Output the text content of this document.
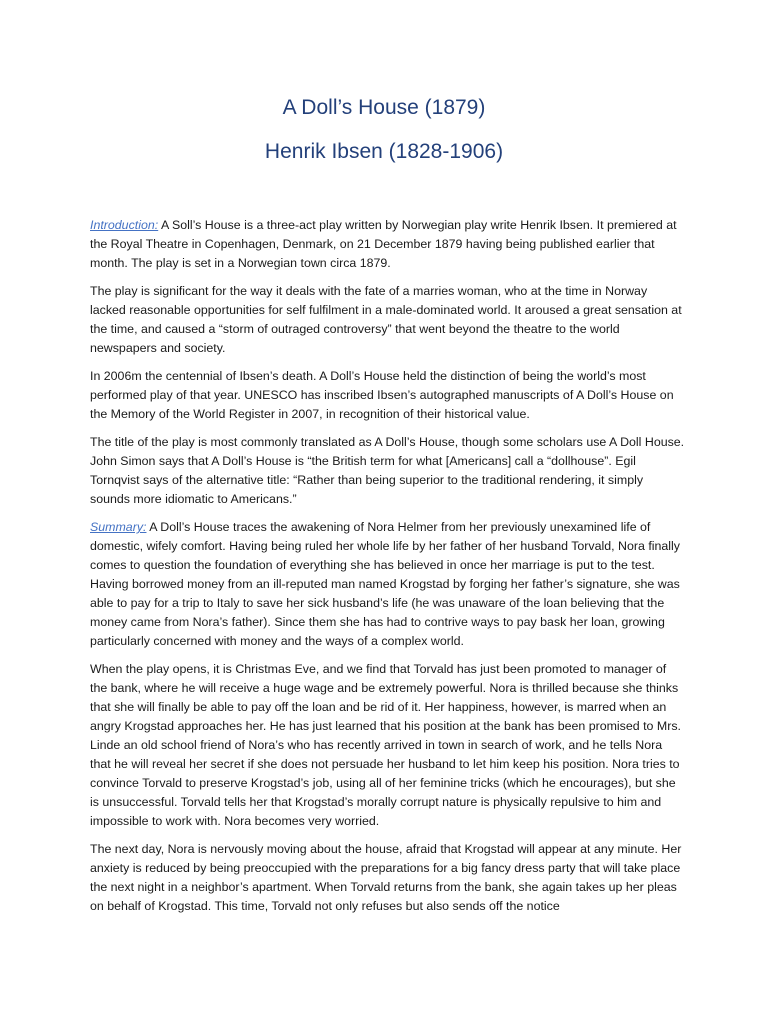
A Doll’s House (1879)
Henrik Ibsen (1828-1906)

Introduction: A Soll’s House is a three-act play written by Norwegian play write Henrik Ibsen. It premiered at the Royal Theatre in Copenhagen, Denmark, on 21 December 1879 having being published earlier that month. The play is set in a Norwegian town circa 1879.

The play is significant for the way it deals with the fate of a marries woman, who at the time in Norway lacked reasonable opportunities for self fulfilment in a male-dominated world. It aroused a great sensation at the time, and caused a “storm of outraged controversy” that went beyond the theatre to the world newspapers and society.

In 2006m the centennial of Ibsen’s death. A Doll’s House held the distinction of being the world’s most performed play of that year. UNESCO has inscribed Ibsen’s autographed manuscripts of A Doll’s House on the Memory of the World Register in 2007, in recognition of their historical value.

The title of the play is most commonly translated as A Doll’s House, though some scholars use A Doll House. John Simon says that A Doll’s House is “the British term for what [Americans] call a “dollhouse”. Egil Tornqvist says of the alternative title: “Rather than being superior to the traditional rendering, it simply sounds more idiomatic to Americans.”

Summary: A Doll’s House traces the awakening of Nora Helmer from her previously unexamined life of domestic, wifely comfort. Having being ruled her whole life by her father of her husband Torvald, Nora finally comes to question the foundation of everything she has believed in once her marriage is put to the test. Having borrowed money from an ill-reputed man named Krogstad by forging her father’s signature, she was able to pay for a trip to Italy to save her sick husband’s life (he was unaware of the loan believing that the money came from Nora’s father). Since them she has had to contrive ways to pay bask her loan, growing particularly concerned with money and the ways of a complex world.

When the play opens, it is Christmas Eve, and we find that Torvald has just been promoted to manager of the bank, where he will receive a huge wage and be extremely powerful. Nora is thrilled because she thinks that she will finally be able to pay off the loan and be rid of it. Her happiness, however, is marred when an angry Krogstad approaches her. He has just learned that his position at the bank has been promised to Mrs. Linde an old school friend of Nora’s who has recently arrived in town in search of work, and he tells Nora that he will reveal her secret if she does not persuade her husband to let him keep his position. Nora tries to convince Torvald to preserve Krogstad’s job, using all of her feminine tricks (which he encourages), but she is unsuccessful. Torvald tells her that Krogstad’s morally corrupt nature is physically repulsive to him and impossible to work with. Nora becomes very worried.

The next day, Nora is nervously moving about the house, afraid that Krogstad will appear at any minute. Her anxiety is reduced by being preoccupied with the preparations for a big fancy dress party that will take place the next night in a neighbor’s apartment. When Torvald returns from the bank, she again takes up her pleas on behalf of Krogstad. This time, Torvald not only refuses but also sends off the notice
